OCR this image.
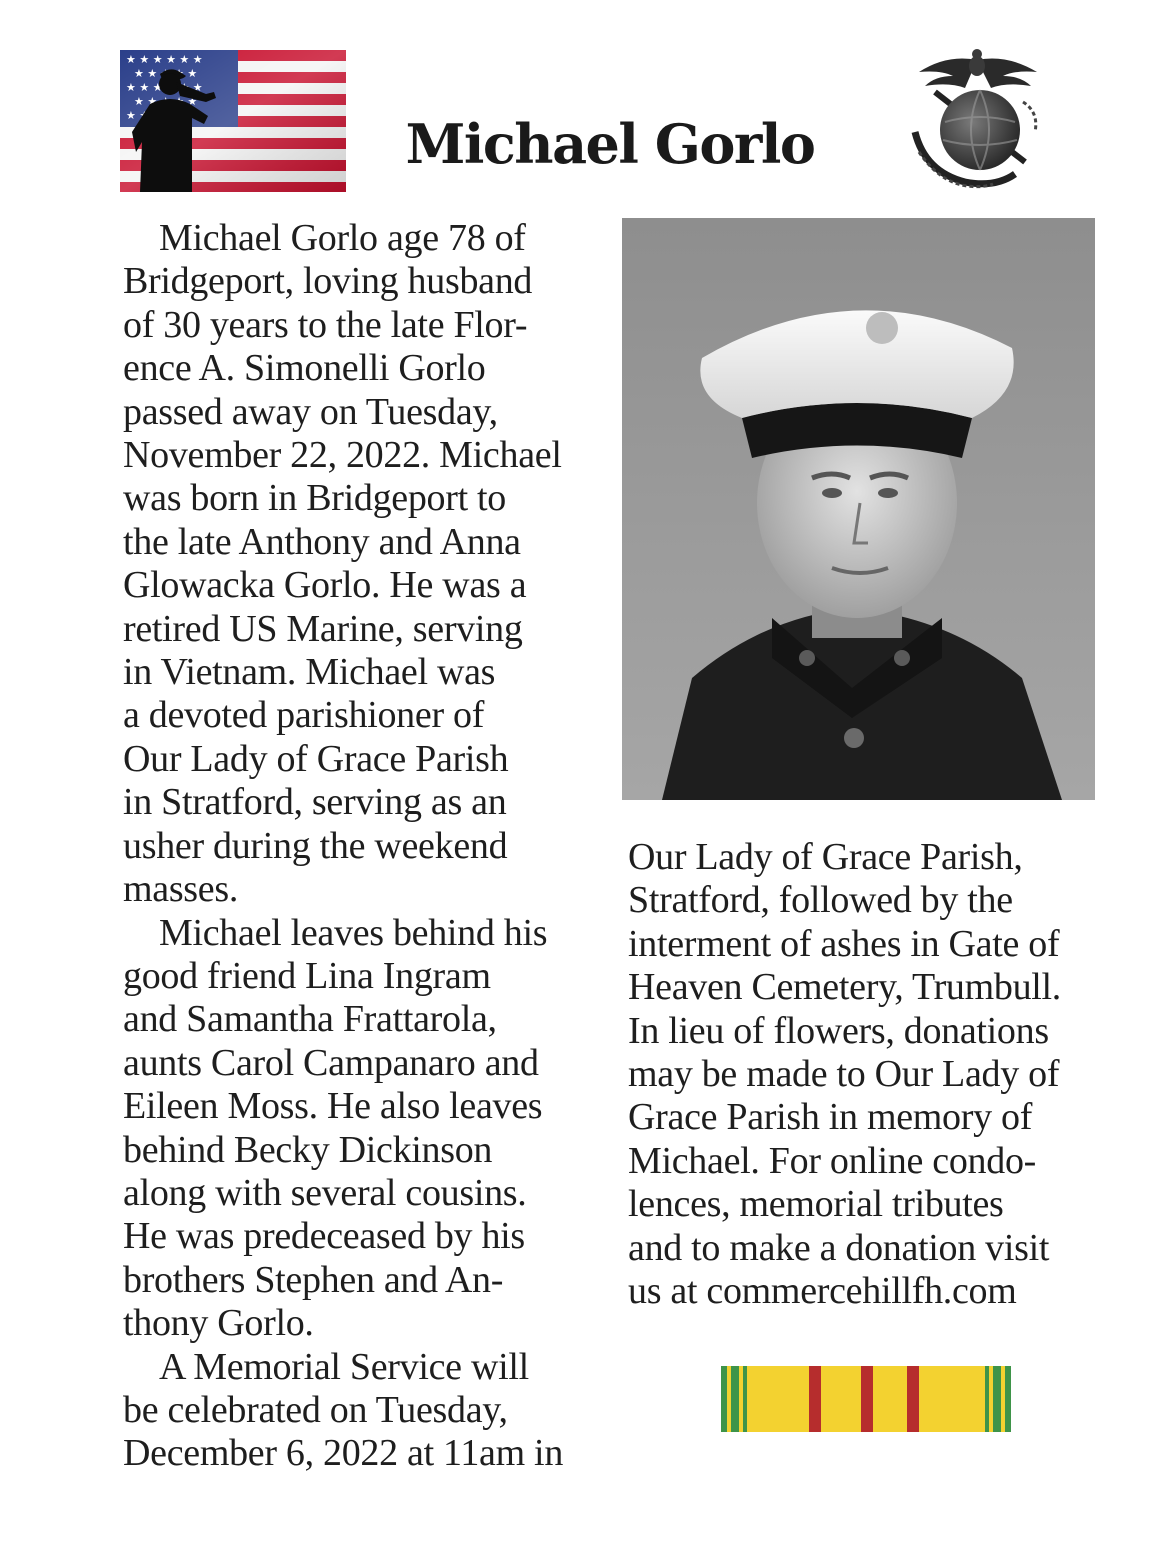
Michael Gorlo
Michael Gorlo age 78 of
Bridgeport, loving husband
of 30 years to the late Flor-
ence A. Simonelli Gorlo
passed away on Tuesday,
November 22, 2022. Michael
was born in Bridgeport to
the late Anthony and Anna
Glowacka Gorlo. He was a
retired US Marine, serving
in Vietnam. Michael was
a devoted parishioner of
Our Lady of Grace Parish
in Stratford, serving as an
usher during the weekend
masses.
Michael leaves behind his
good friend Lina Ingram
and Samantha Frattarola,
aunts Carol Campanaro and
Eileen Moss. He also leaves
behind Becky Dickinson
along with several cousins.
He was predeceased by his
brothers Stephen and An-
thony Gorlo.
A Memorial Service will
be celebrated on Tuesday,
December 6, 2022 at 11am in
Our Lady of Grace Parish,
Stratford, followed by the
interment of ashes in Gate of
Heaven Cemetery, Trumbull.
In lieu of flowers, donations
may be made to Our Lady of
Grace Parish in memory of
Michael. For online condo-
lences, memorial tributes
and to make a donation visit
us at commercehillfh.com
